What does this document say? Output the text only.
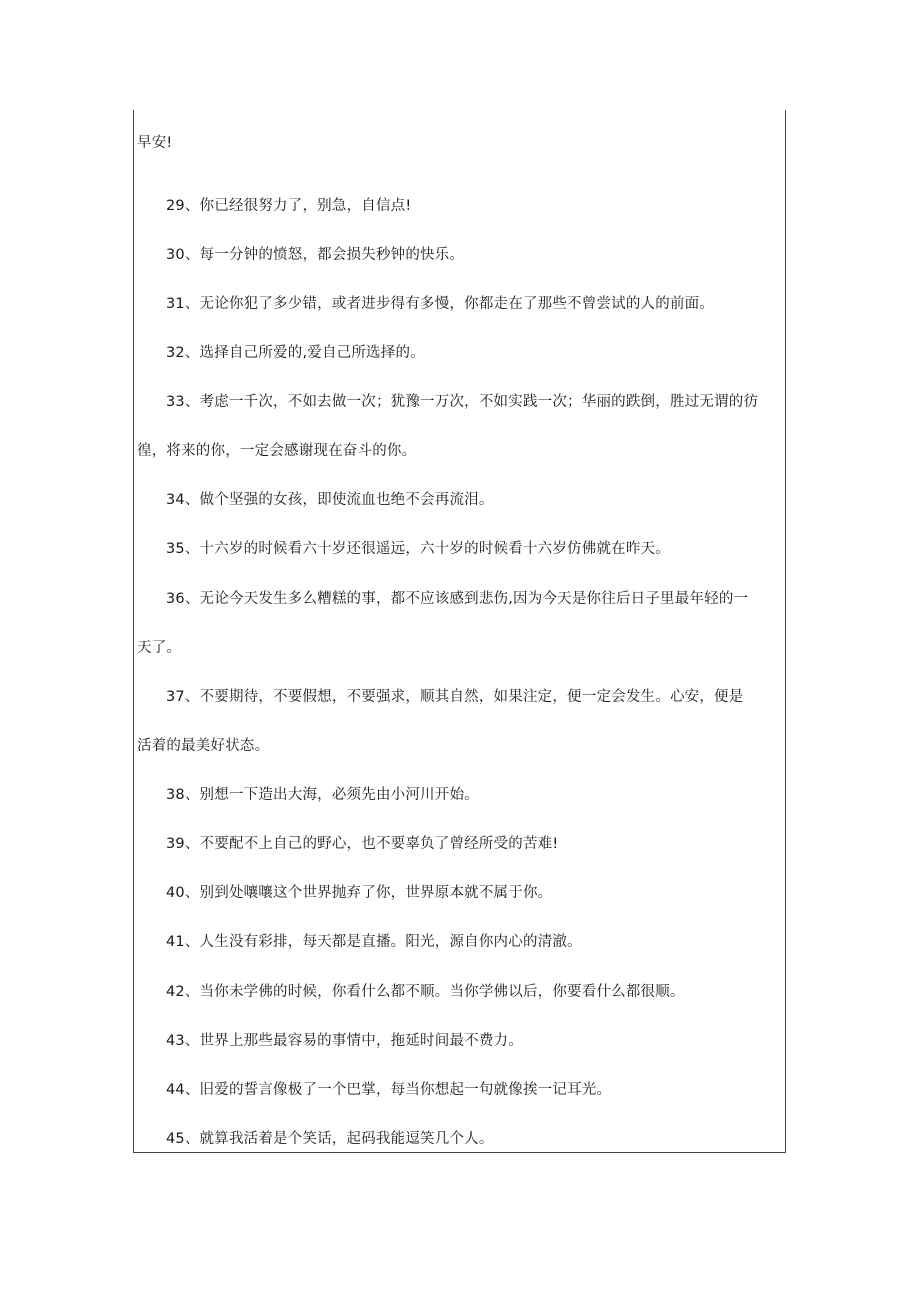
早安!
29、你已经很努力了，别急，自信点!
30、每一分钟的愤怒，都会损失秒钟的快乐。
31、无论你犯了多少错，或者进步得有多慢，你都走在了那些不曾尝试的人的前面。
32、选择自己所爱的,爱自己所选择的。
33、考虑一千次，不如去做一次；犹豫一万次，不如实践一次；华丽的跌倒，胜过无谓的彷
徨，将来的你，一定会感谢现在奋斗的你。
34、做个坚强的女孩，即使流血也绝不会再流泪。
35、十六岁的时候看六十岁还很遥远，六十岁的时候看十六岁仿佛就在昨天。
36、无论今天发生多么糟糕的事，都不应该感到悲伤,因为今天是你往后日子里最年轻的一
天了。
37、不要期待，不要假想，不要强求，顺其自然，如果注定，便一定会发生。心安，便是
活着的最美好状态。
38、别想一下造出大海，必须先由小河川开始。
39、不要配不上自己的野心，也不要辜负了曾经所受的苦难!
40、别到处嚷嚷这个世界抛弃了你，世界原本就不属于你。
41、人生没有彩排，每天都是直播。阳光，源自你内心的清澈。
42、当你未学佛的时候，你看什么都不顺。当你学佛以后，你要看什么都很顺。
43、世界上那些最容易的事情中，拖延时间最不费力。
44、旧爱的誓言像极了一个巴掌，每当你想起一句就像挨一记耳光。
45、就算我活着是个笑话，起码我能逗笑几个人。
